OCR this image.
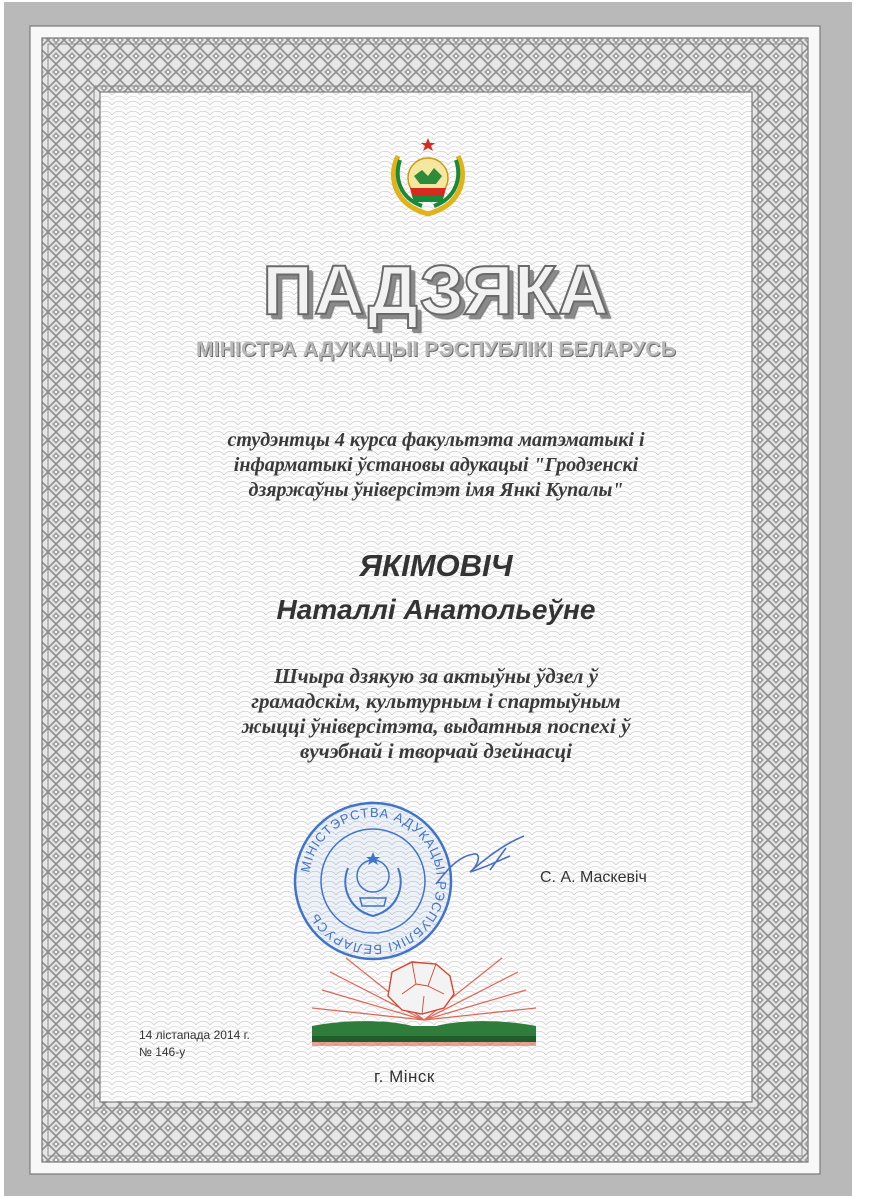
ПАДЗЯКА
МІНІСТРА АДУКАЦЫІ РЭСПУБЛІКІ БЕЛАРУСЬ
студэнтцы 4 курса факультэта матэматыкі і
інфарматыкі ўстановы адукацыі "Гродзенскі
дзяржаўны ўніверсітэт імя Янкі Купалы"
ЯКІМОВІЧ
Наталлі Анатольеўне
Шчыра дзякую за актыўны ўдзел ў
грамадскім, культурным і спартыўным
жыцці ўніверсітэта, выдатныя поспехі ў
вучэбнай і творчай дзейнасці
МІНІСТЭРСТВА АДУКАЦЫІ РЭСПУБЛІКІ БЕЛАРУСЬ
С. А. Маскевіч
14 лістапада 2014 г.
№ 146-у
г. Мінск
